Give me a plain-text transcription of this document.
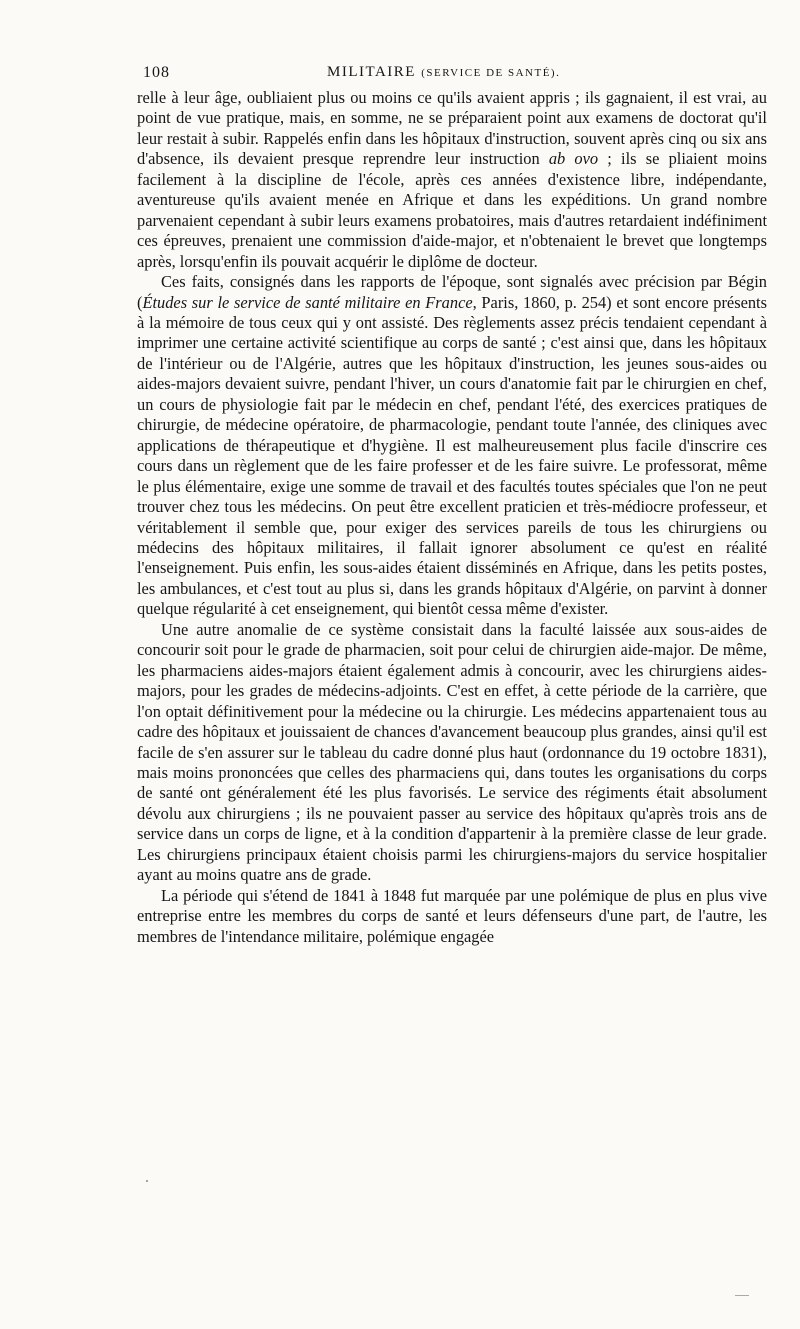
108	MILITAIRE (SERVICE DE SANTÉ).

relle à leur âge, oubliaient plus ou moins ce qu'ils avaient appris ; ils gagnaient, il est vrai, au point de vue pratique, mais, en somme, ne se préparaient point aux examens de doctorat qu'il leur restait à subir. Rappelés enfin dans les hôpitaux d'instruction, souvent après cinq ou six ans d'absence, ils devaient presque reprendre leur instruction ab ovo ; ils se pliaient moins facilement à la discipline de l'école, après ces années d'existence libre, indépendante, aventureuse qu'ils avaient menée en Afrique et dans les expéditions. Un grand nombre parvenaient cependant à subir leurs examens probatoires, mais d'autres retardaient indéfiniment ces épreuves, prenaient une commission d'aide-major, et n'obtenaient le brevet que longtemps après, lorsqu'enfin ils pouvait acquérir le diplôme de docteur.

Ces faits, consignés dans les rapports de l'époque, sont signalés avec précision par Bégin (Études sur le service de santé militaire en France, Paris, 1860, p. 254) et sont encore présents à la mémoire de tous ceux qui y ont assisté. Des règlements assez précis tendaient cependant à imprimer une certaine activité scientifique au corps de santé ; c'est ainsi que, dans les hôpitaux de l'intérieur ou de l'Algérie, autres que les hôpitaux d'instruction, les jeunes sous-aides ou aides-majors devaient suivre, pendant l'hiver, un cours d'anatomie fait par le chirurgien en chef, un cours de physiologie fait par le médecin en chef, pendant l'été, des exercices pratiques de chirurgie, de médecine opératoire, de pharmacologie, pendant toute l'année, des cliniques avec applications de thérapeutique et d'hygiène. Il est malheureusement plus facile d'inscrire ces cours dans un règlement que de les faire professer et de les faire suivre. Le professorat, même le plus élémentaire, exige une somme de travail et des facultés toutes spéciales que l'on ne peut trouver chez tous les médecins. On peut être excellent praticien et très-médiocre professeur, et véritablement il semble que, pour exiger des services pareils de tous les chirurgiens ou médecins des hôpitaux militaires, il fallait ignorer absolument ce qu'est en réalité l'enseignement. Puis enfin, les sous-aides étaient disséminés en Afrique, dans les petits postes, les ambulances, et c'est tout au plus si, dans les grands hôpitaux d'Algérie, on parvint à donner quelque régularité à cet enseignement, qui bientôt cessa même d'exister.

Une autre anomalie de ce système consistait dans la faculté laissée aux sous-aides de concourir soit pour le grade de pharmacien, soit pour celui de chirurgien aide-major. De même, les pharmaciens aides-majors étaient également admis à concourir, avec les chirurgiens aides-majors, pour les grades de médecins-adjoints. C'est en effet, à cette période de la carrière, que l'on optait définitivement pour la médecine ou la chirurgie. Les médecins appartenaient tous au cadre des hôpitaux et jouissaient de chances d'avancement beaucoup plus grandes, ainsi qu'il est facile de s'en assurer sur le tableau du cadre donné plus haut (ordonnance du 19 octobre 1831), mais moins prononcées que celles des pharmaciens qui, dans toutes les organisations du corps de santé ont généralement été les plus favorisés. Le service des régiments était absolument dévolu aux chirurgiens ; ils ne pouvaient passer au service des hôpitaux qu'après trois ans de service dans un corps de ligne, et à la condition d'appartenir à la première classe de leur grade. Les chirurgiens principaux étaient choisis parmi les chirurgiens-majors du service hospitalier ayant au moins quatre ans de grade.

La période qui s'étend de 1841 à 1848 fut marquée par une polémique de plus en plus vive entreprise entre les membres du corps de santé et leurs défenseurs d'une part, de l'autre, les membres de l'intendance militaire, polémique engagée
